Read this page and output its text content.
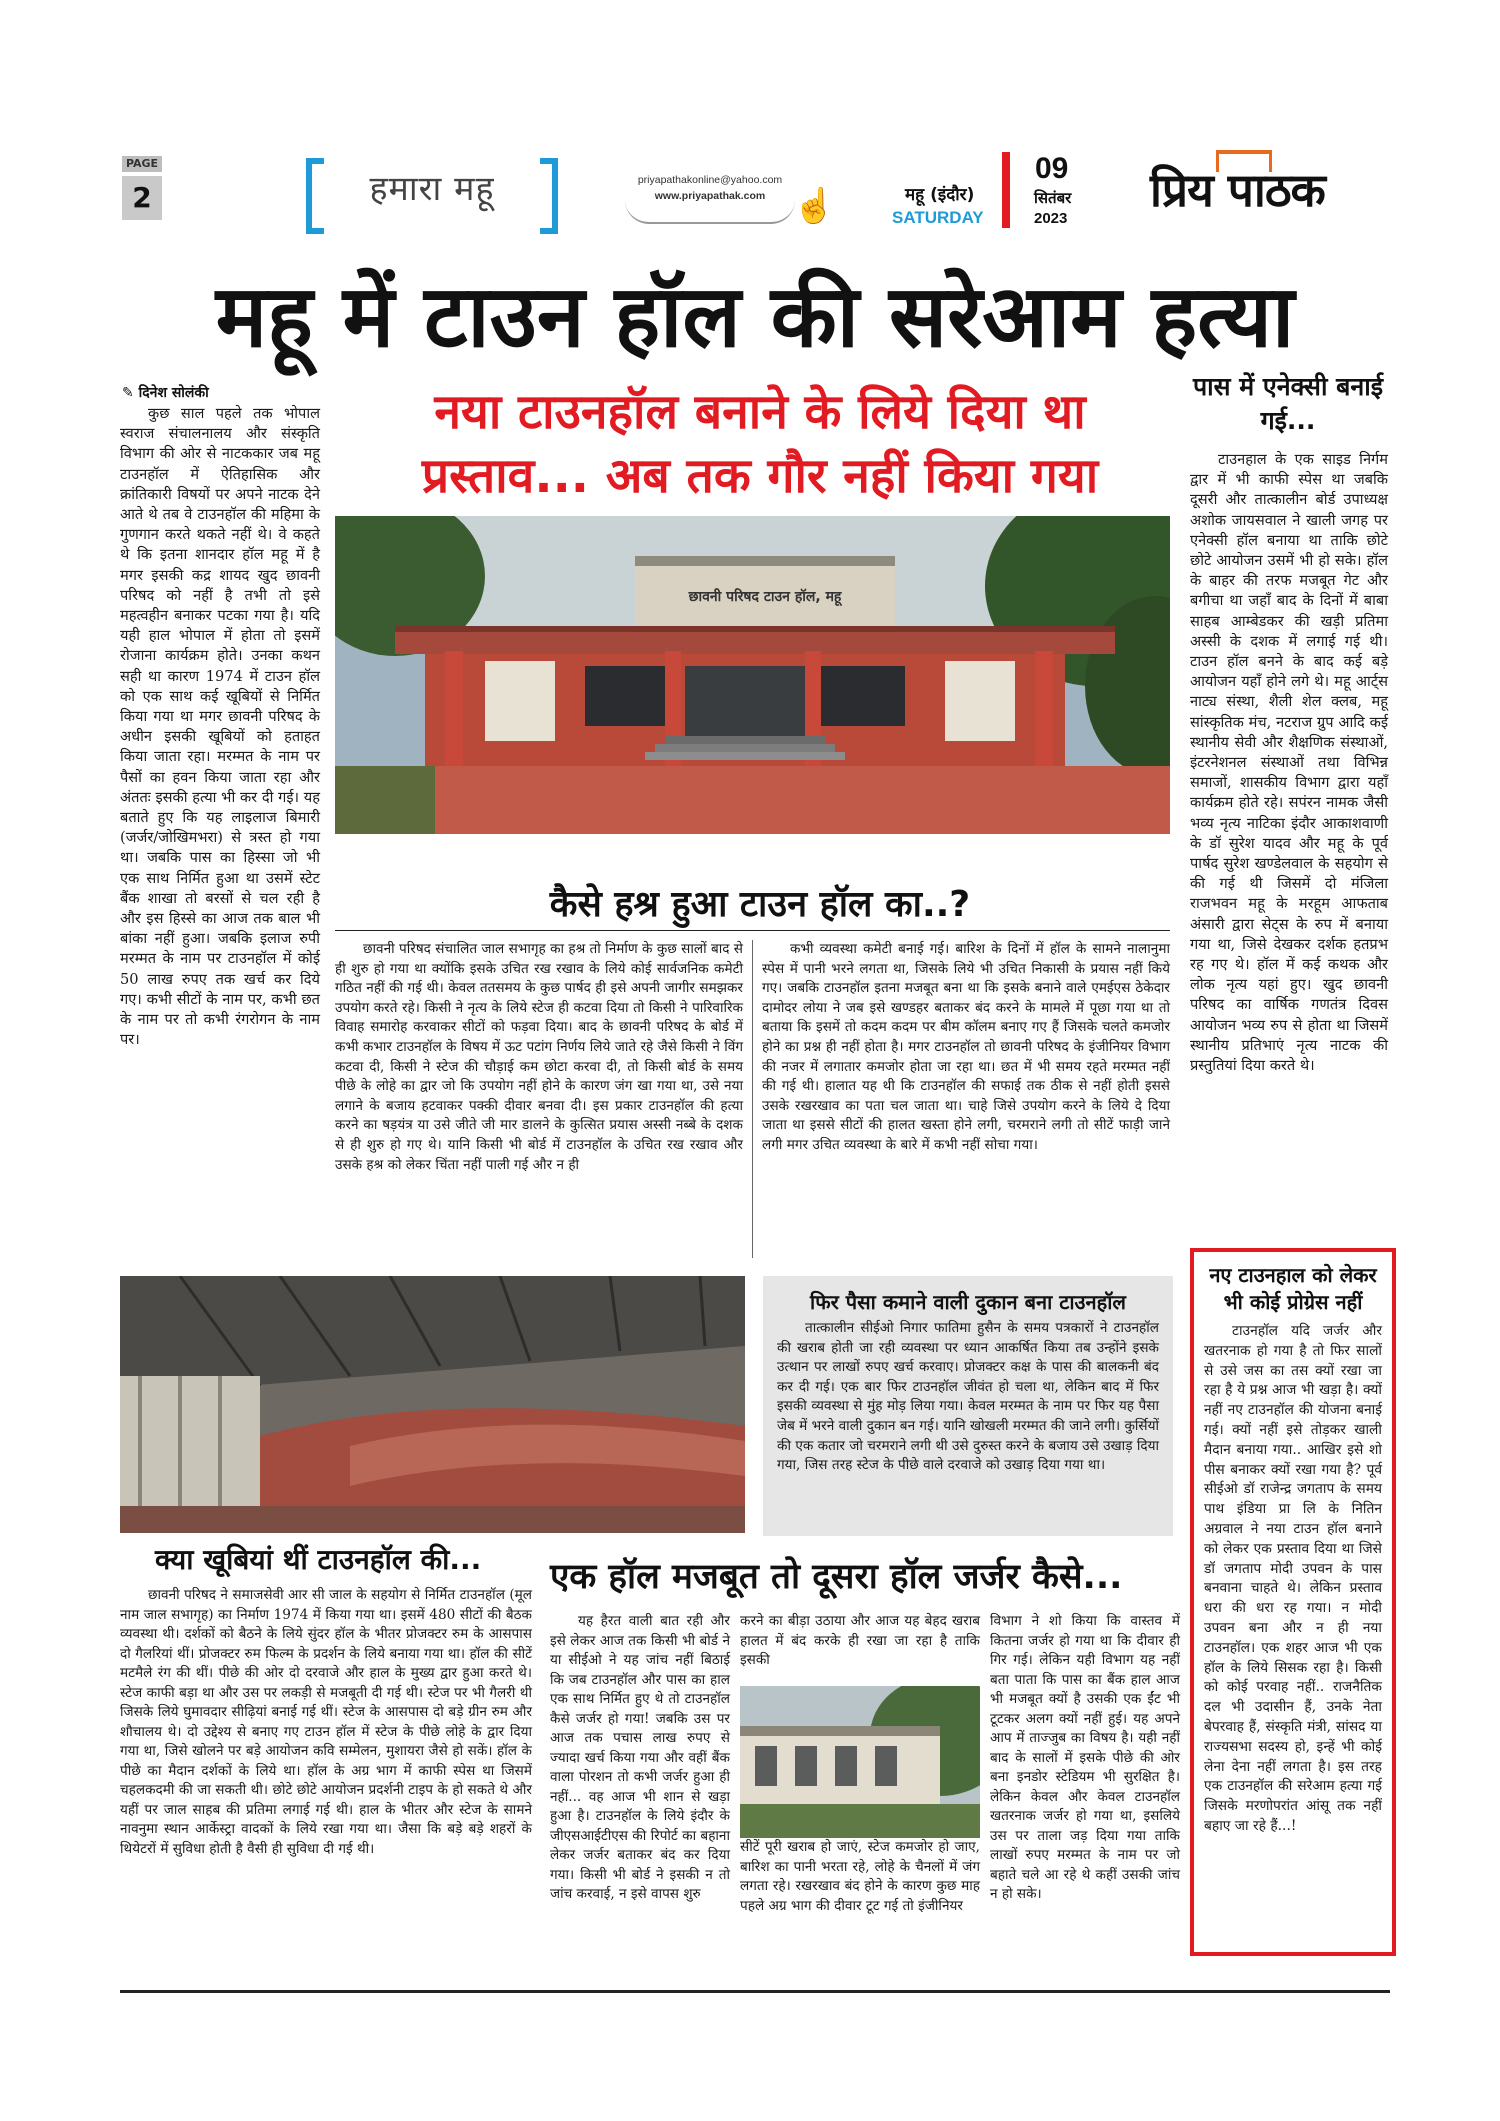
PAGE
2	हमारा महू	priyapathakonline@yahoo.com
www.priyapathak.com ☝	महू (इंदौर)
SATURDAY
09
सितंबर
2023
प्रिय पाठक
महू में टाउन हॉल की सरेआम हत्या
✎ दिनेश सोलंकी
कुछ साल पहले तक भोपाल स्वराज संचालनालय और संस्कृति विभाग की ओर से नाटककार जब महू टाउनहॉल में ऐतिहासिक और क्रांतिकारी विषयों पर अपने नाटक देने आते थे तब वे टाउनहॉल की महिमा के गुणगान करते थकते नहीं थे। वे कहते थे कि इतना शानदार हॉल महू में है मगर इसकी कद्र शायद खुद छावनी परिषद को नहीं है तभी तो इसे महत्वहीन बनाकर पटका गया है। यदि यही हाल भोपाल में होता तो इसमें रोजाना कार्यक्रम होते। उनका कथन सही था कारण 1974 में टाउन हॉल को एक साथ कई खूबियों से निर्मित किया गया था मगर छावनी परिषद के अधीन इसकी खूबियों को हताहत किया जाता रहा। मरम्मत के नाम पर पैसों का हवन किया जाता रहा और अंततः इसकी हत्या भी कर दी गई। यह बताते हुए कि यह लाइलाज बिमारी (जर्जर/जोखिमभरा) से त्रस्त हो गया था। जबकि पास का हिस्सा जो भी एक साथ निर्मित हुआ था उसमें स्टेट बैंक शाखा तो बरसों से चल रही है और इस हिस्से का आज तक बाल भी बांका नहीं हुआ। जबकि इलाज रुपी मरम्मत के नाम पर टाउनहॉल में कोई 50 लाख रुपए तक खर्च कर दिये गए। कभी सीटों के नाम पर, कभी छत के नाम पर तो कभी रंगरोगन के नाम पर।
नया टाउनहॉल बनाने के लिये दिया था
प्रस्ताव... अब तक गौर नहीं किया गया
छावनी परिषद टाउन हॉल, महू
पास में एनेक्सी बनाई गई...
टाउनहाल के एक साइड निर्गम द्वार में भी काफी स्पेस था जबकि दूसरी और तात्कालीन बोर्ड उपाध्यक्ष अशोक जायसवाल ने खाली जगह पर एनेक्सी हॉल बनाया था ताकि छोटे छोटे आयोजन उसमें भी हो सके। हॉल के बाहर की तरफ मजबूत गेट और बगीचा था जहाँ बाद के दिनों में बाबा साहब आम्बेडकर की खड़ी प्रतिमा अस्सी के दशक में लगाई गई थी। टाउन हॉल बनने के बाद कई बड़े आयोजन यहाँ होने लगे थे। महू आर्ट्स नाट्य संस्था, शैली शेल क्लब, महू सांस्कृतिक मंच, नटराज ग्रुप आदि कई स्थानीय सेवी और शैक्षणिक संस्थाओं, इंटरनेशनल संस्थाओं तथा विभिन्न समाजों, शासकीय विभाग द्वारा यहाँ कार्यक्रम होते रहे। सपंरन नामक जैसी भव्य नृत्य नाटिका इंदौर आकाशवाणी के डॉ सुरेश यादव और महू के पूर्व पार्षद सुरेश खण्डेलवाल के सहयोग से की गई थी जिसमें दो मंजिला राजभवन महू के मरहूम आफताब अंसारी द्वारा सेट्स के रुप में बनाया गया था, जिसे देखकर दर्शक हतप्रभ रह गए थे। हॉल में कई कथक और लोक नृत्य यहां हुए। खुद छावनी परिषद का वार्षिक गणतंत्र दिवस आयोजन भव्य रुप से होता था जिसमें स्थानीय प्रतिभाएं नृत्य नाटक की प्रस्तुतियां दिया करते थे।
कैसे हश्र हुआ टाउन हॉल का..?
छावनी परिषद संचालित जाल सभागृह का हश्र तो निर्माण के कुछ सालों बाद से ही शुरु हो गया था क्योंकि इसके उचित रख रखाव के लिये कोई सार्वजनिक कमेटी गठित नहीं की गई थी। केवल ततसमय के कुछ पार्षद ही इसे अपनी जागीर समझकर उपयोग करते रहे। किसी ने नृत्य के लिये स्टेज ही कटवा दिया तो किसी ने पारिवारिक विवाह समारोह करवाकर सीटों को फड़वा दिया। बाद के छावनी परिषद के बोर्ड में कभी कभार टाउनहॉल के विषय में ऊट पटांग निर्णय लिये जाते रहे जैसे किसी ने विंग कटवा दी, किसी ने स्टेज की चौड़ाई कम छोटा करवा दी, तो किसी बोर्ड के समय पीछे के लोहे का द्वार जो कि उपयोग नहीं होने के कारण जंग खा गया था, उसे नया लगाने के बजाय हटवाकर पक्की दीवार बनवा दी। इस प्रकार टाउनहॉल की हत्या करने का षड़यंत्र या उसे जीते जी मार डालने के कुत्सित प्रयास अस्सी नब्बे के दशक से ही शुरु हो गए थे। यानि किसी भी बोर्ड में टाउनहॉल के उचित रख रखाव और उसके हश्र को लेकर चिंता नहीं पाली गई और न ही
कभी व्यवस्था कमेटी बनाई गई। बारिश के दिनों में हॉल के सामने नालानुमा स्पेस में पानी भरने लगता था, जिसके लिये भी उचित निकासी के प्रयास नहीं किये गए। जबकि टाउनहॉल इतना मजबूत बना था कि इसके बनाने वाले एमईएस ठेकेदार दामोदर लोया ने जब इसे खण्डहर बताकर बंद करने के मामले में पूछा गया था तो बताया कि इसमें तो कदम कदम पर बीम कॉलम बनाए गए हैं जिसके चलते कमजोर होने का प्रश्न ही नहीं होता है। मगर टाउनहॉल तो छावनी परिषद के इंजीनियर विभाग की नजर में लगातार कमजोर होता जा रहा था। छत में भी समय रहते मरम्मत नहीं की गई थी। हालात यह थी कि टाउनहॉल की सफाई तक ठीक से नहीं होती इससे उसके रखरखाव का पता चल जाता था। चाहे जिसे उपयोग करने के लिये दे दिया जाता था इससे सीटों की हालत खस्ता होने लगी, चरमराने लगी तो सीटें फाड़ी जाने लगी मगर उचित व्यवस्था के बारे में कभी नहीं सोचा गया।
फिर पैसा कमाने वाली दुकान बना टाउनहॉल
तात्कालीन सीईओ निगार फातिमा हुसैन के समय पत्रकारों ने टाउनहॉल की खराब होती जा रही व्यवस्था पर ध्यान आकर्षित किया तब उन्होंने इसके उत्थान पर लाखों रुपए खर्च करवाए। प्रोजक्टर कक्ष के पास की बालकनी बंद कर दी गई। एक बार फिर टाउनहॉल जीवंत हो चला था, लेकिन बाद में फिर इसकी व्यवस्था से मुंह मोड़ लिया गया। केवल मरम्मत के नाम पर फिर यह पैसा जेब में भरने वाली दुकान बन गई। यानि खोखली मरम्मत की जाने लगी। कुर्सियों की एक कतार जो चरमराने लगी थी उसे दुरुस्त करने के बजाय उसे उखाड़ दिया गया, जिस तरह स्टेज के पीछे वाले दरवाजे को उखाड़ दिया गया था।
नए टाउनहाल को लेकर भी कोई प्रोग्रेस नहीं
टाउनहॉल यदि जर्जर और खतरनाक हो गया है तो फिर सालों से उसे जस का तस क्यों रखा जा रहा है ये प्रश्न आज भी खड़ा है। क्यों नहीं नए टाउनहॉल की योजना बनाई गई। क्यों नहीं इसे तोड़कर खाली मैदान बनाया गया.. आखिर इसे शो पीस बनाकर क्यों रखा गया है? पूर्व सीईओ डॉ राजेन्द्र जगताप के समय पाथ इंडिया प्रा लि के नितिन अग्रवाल ने नया टाउन हॉल बनाने को लेकर एक प्रस्ताव दिया था जिसे डॉ जगताप मोदी उपवन के पास बनवाना चाहते थे। लेकिन प्रस्ताव धरा की धरा रह गया। न मोदी उपवन बना और न ही नया टाउनहॉल। एक शहर आज भी एक हॉल के लिये सिसक रहा है। किसी को कोई परवाह नहीं.. राजनैतिक दल भी उदासीन हैं, उनके नेता बेपरवाह हैं, संस्कृति मंत्री, सांसद या राज्यसभा सदस्य हो, इन्हें भी कोई लेना देना नहीं लगता है। इस तरह एक टाउनहॉल की सरेआम हत्या गई जिसके मरणोपरांत आंसू तक नहीं बहाए जा रहे हैं...!
क्या खूबियां थीं टाउनहॉल की...
छावनी परिषद ने समाजसेवी आर सी जाल के सहयोग से निर्मित टाउनहॉल (मूल नाम जाल सभागृह) का निर्माण 1974 में किया गया था। इसमें 480 सीटों की बैठक व्यवस्था थी। दर्शकों को बैठने के लिये सुंदर हॉल के भीतर प्रोजक्टर रुम के आसपास दो गैलरियां थीं। प्रोजक्टर रुम फिल्म के प्रदर्शन के लिये बनाया गया था। हॉल की सीटें मटमैले रंग की थीं। पीछे की ओर दो दरवाजे और हाल के मुख्य द्वार हुआ करते थे। स्टेज काफी बड़ा था और उस पर लकड़ी से मजबूती दी गई थी। स्टेज पर भी गैलरी थी जिसके लिये घुमावदार सीढ़ियां बनाई गई थीं। स्टेज के आसपास दो बड़े ग्रीन रुम और शौचालय थे। दो उद्देश्य से बनाए गए टाउन हॉल में स्टेज के पीछे लोहे के द्वार दिया गया था, जिसे खोलने पर बड़े आयोजन कवि सम्मेलन, मुशायरा जैसे हो सकें। हॉल के पीछे का मैदान दर्शकों के लिये था। हॉल के अग्र भाग में काफी स्पेस था जिसमें चहलकदमी की जा सकती थी। छोटे छोटे आयोजन प्रदर्शनी टाइप के हो सकते थे और यहीं पर जाल साहब की प्रतिमा लगाई गई थी। हाल के भीतर और स्टेज के सामने नावनुमा स्थान आर्केस्ट्रा वादकों के लिये रखा गया था। जैसा कि बड़े बड़े शहरों के थियेटरों में सुविधा होती है वैसी ही सुविधा दी गई थी।
एक हॉल मजबूत तो दूसरा हॉल जर्जर कैसे...
यह हैरत वाली बात रही और इसे लेकर आज तक किसी भी बोर्ड ने या सीईओ ने यह जांच नहीं बिठाई कि जब टाउनहॉल और पास का हाल एक साथ निर्मित हुए थे तो टाउनहॉल कैसे जर्जर हो गया! जबकि उस पर आज तक पचास लाख रुपए से ज्यादा खर्च किया गया और वहीं बैंक वाला पोरशन तो कभी जर्जर हुआ ही नहीं... वह आज भी शान से खड़ा हुआ है। टाउनहॉल के लिये इंदौर के जीएसआईटीएस की रिपोर्ट का बहाना लेकर जर्जर बताकर बंद कर दिया गया। किसी भी बोर्ड ने इसकी न तो जांच करवाई, न इसे वापस शुरु
करने का बीड़ा उठाया और आज यह बेहद खराब हालत में बंद करके ही रखा जा रहा है ताकि इसकी
सीटें पूरी खराब हो जाएं, स्टेज कमजोर हो जाए, बारिश का पानी भरता रहे, लोहे के चैनलों में जंग लगता रहे। रखरखाव बंद होने के कारण कुछ माह पहले अग्र भाग की दीवार टूट गई तो इंजीनियर
विभाग ने शो किया कि वास्तव में कितना जर्जर हो गया था कि दीवार ही गिर गई। लेकिन यही विभाग यह नहीं बता पाता कि पास का बैंक हाल आज भी मजबूत क्यों है उसकी एक ईंट भी टूटकर अलग क्यों नहीं हुई। यह अपने आप में ताज्जुब का विषय है। यही नहीं बाद के सालों में इसके पीछे की ओर बना इनडोर स्टेडियम भी सुरक्षित है। लेकिन केवल और केवल टाउनहॉल खतरनाक जर्जर हो गया था, इसलिये उस पर ताला जड़ दिया गया ताकि लाखों रुपए मरम्मत के नाम पर जो बहाते चले आ रहे थे कहीं उसकी जांच न हो सके।
